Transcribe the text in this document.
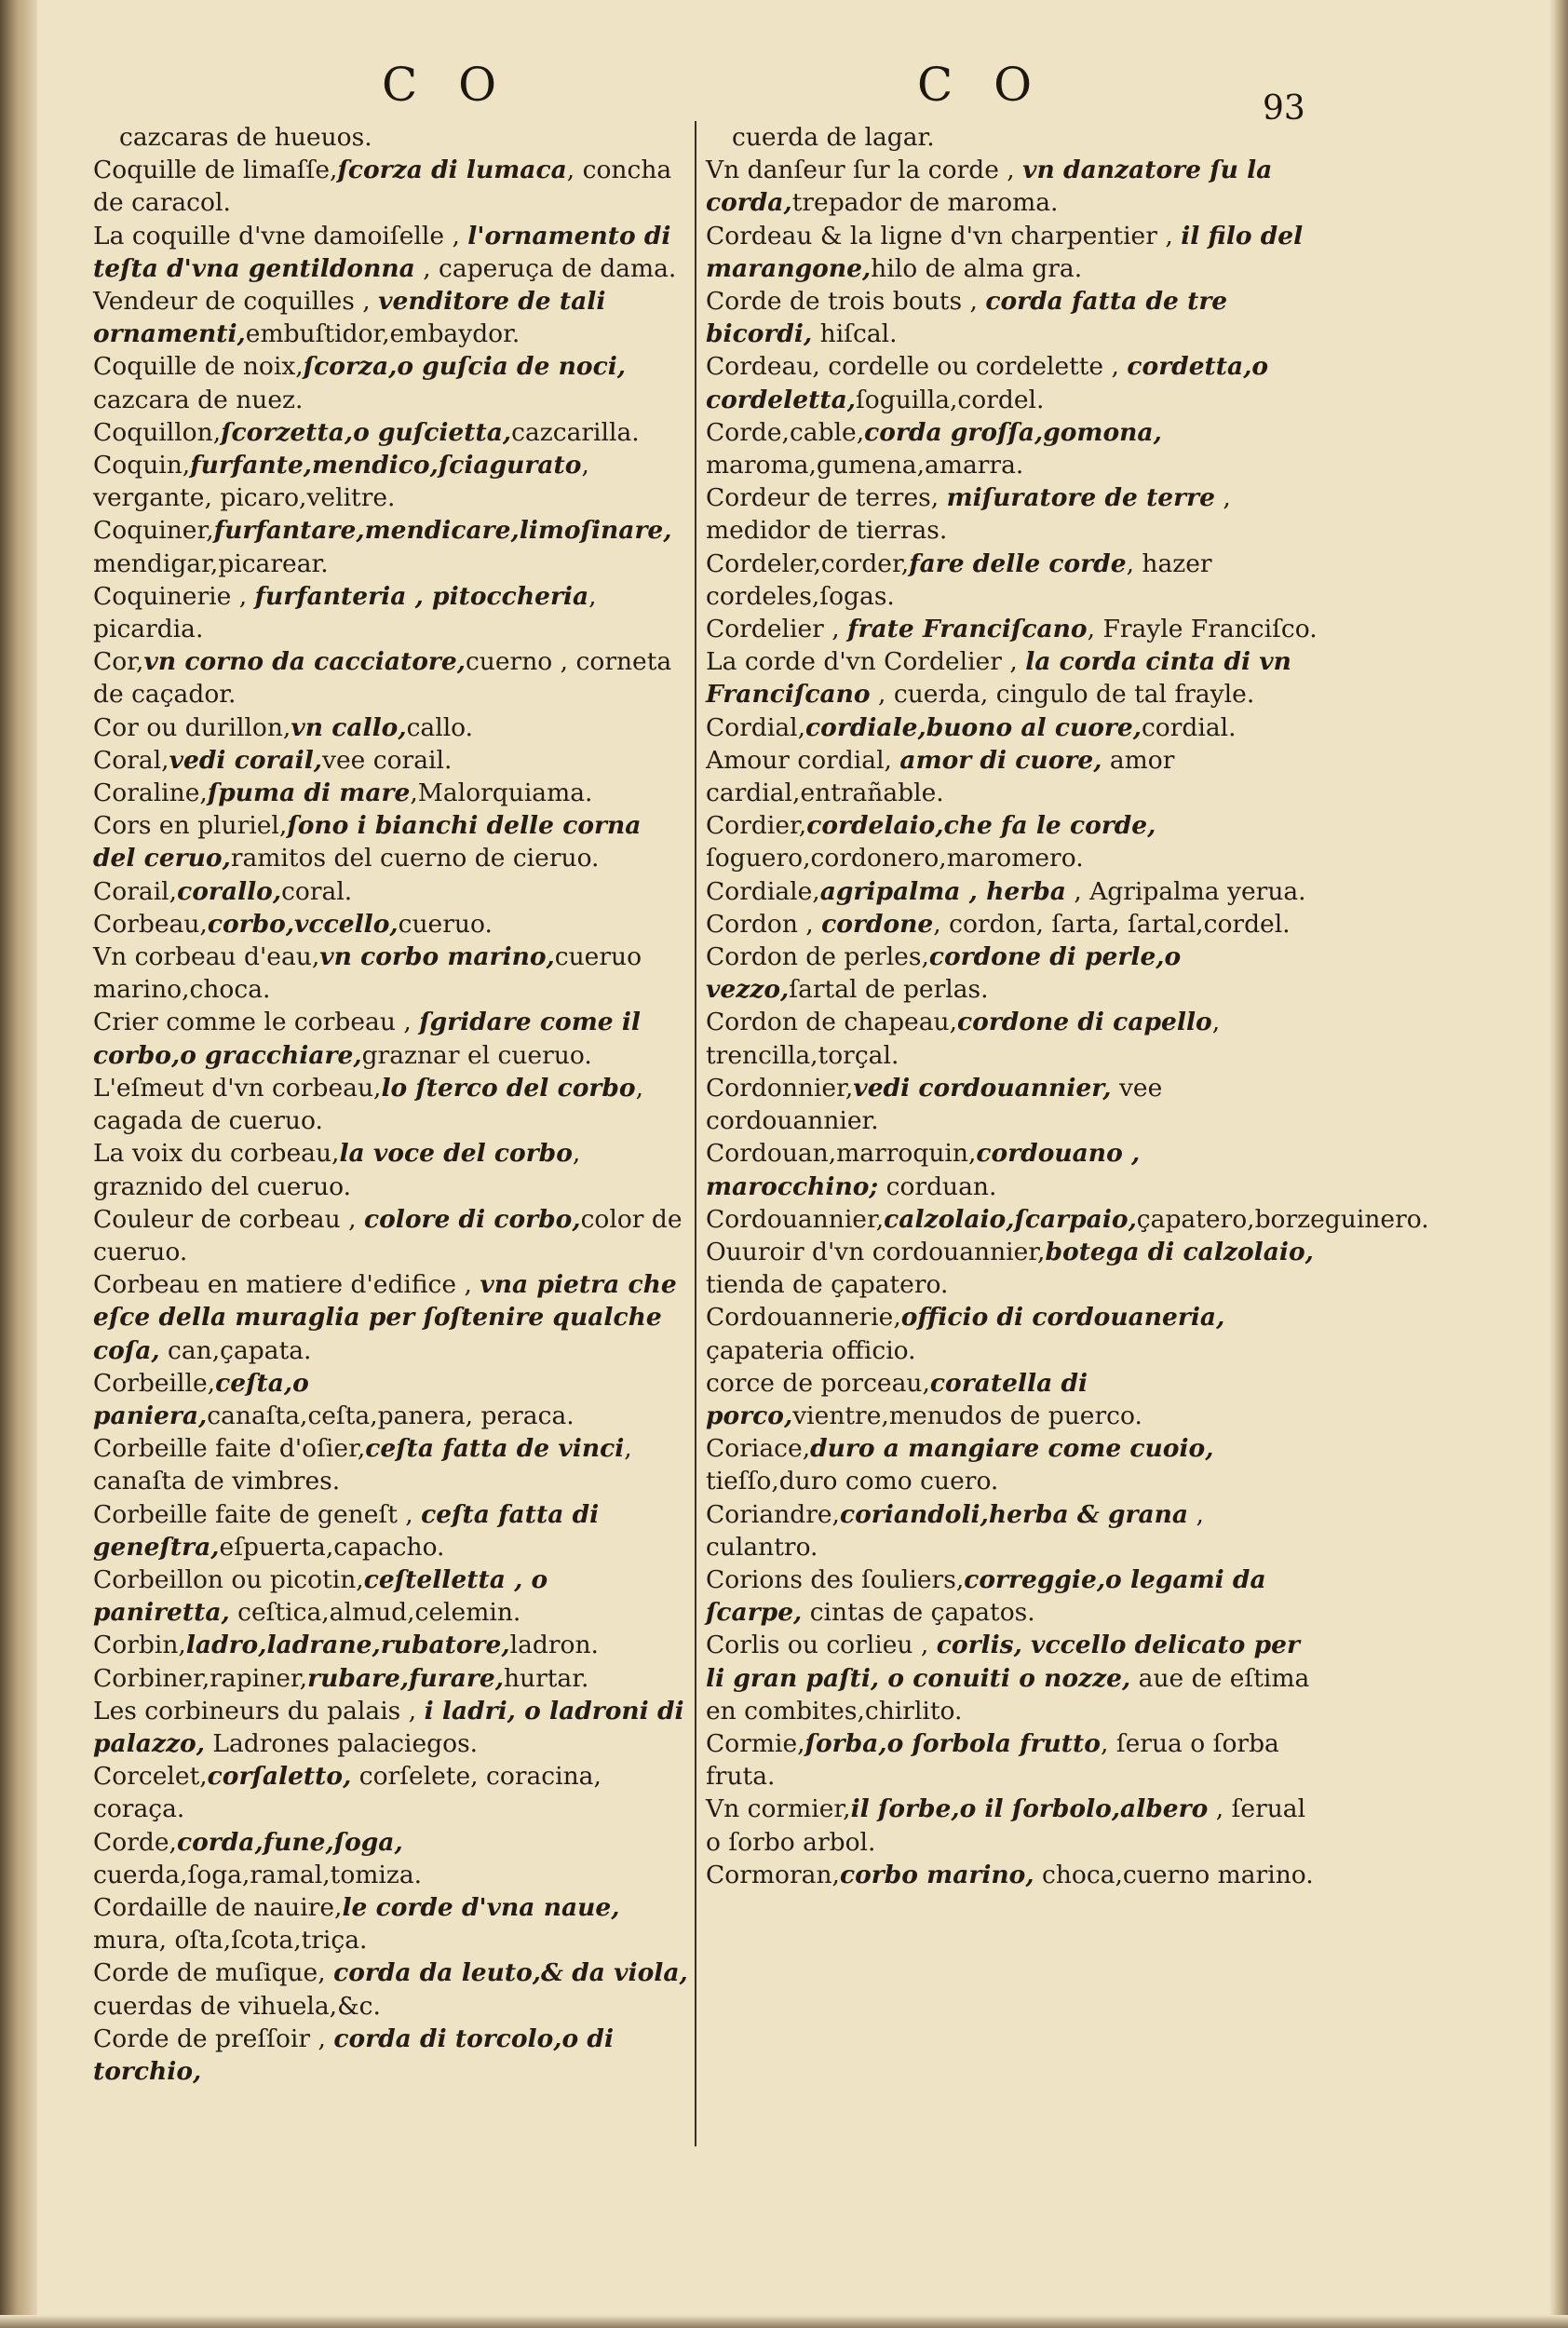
C O	C O	93

cazcaras de hueuos.

Coquille de limaſſe,ſcorza di lumaca, concha de caracol.

La coquille d'vne damoiſelle , l'ornamento di teſta d'vna gentildonna , caperuça de dama.

Vendeur de coquilles , venditore de tali ornamenti,embuſtidor,embaydor.

Coquille de noix,ſcorza,o guſcia de noci, cazcara de nuez.

Coquillon,ſcorzetta,o guſcietta,cazcarilla.

Coquin,furfante,mendico,ſciagurato, vergante, picaro,velitre.

Coquiner,furfantare,mendicare,limoſinare, mendigar,picarear.

Coquinerie , furfanteria , pitoccheria, picardia.

Cor,vn corno da cacciatore,cuerno , corneta de caçador.

Cor ou durillon,vn callo,callo.

Coral,vedi corail,vee corail.

Coraline,ſpuma di mare,Malorquiama.

Cors en pluriel,ſono i bianchi delle corna del ceruo,ramitos del cuerno de cieruo.

Corail,corallo,coral.

Corbeau,corbo,vccello,cueruo.

Vn corbeau d'eau,vn corbo marino,cueruo marino,choca.

Crier comme le corbeau , ſgridare come il corbo,o gracchiare,graznar el cueruo.

L'eſmeut d'vn corbeau,lo ſterco del corbo, cagada de cueruo.

La voix du corbeau,la voce del corbo, graznido del cueruo.

Couleur de corbeau , colore di corbo,color de cueruo.

Corbeau en matiere d'edifice , vna pietra che eſce della muraglia per ſoſtenire qualche coſa, can,çapata.

Corbeille,ceſta,o paniera,canaſta,ceſta,panera, peraca.

Corbeille faite d'oſier,ceſta fatta de vinci, canaſta de vimbres.

Corbeille faite de geneſt , ceſta fatta di geneſtra,eſpuerta,capacho.

Corbeillon ou picotin,ceſtelletta , o paniretta, ceſtica,almud,celemin.

Corbin,ladro,ladrane,rubatore,ladron.

Corbiner,rapiner,rubare,furare,hurtar.

Les corbineurs du palais , i ladri, o ladroni di palazzo, Ladrones palaciegos.

Corcelet,corſaletto, corſelete, coracina, coraça.

Corde,corda,fune,ſoga, cuerda,ſoga,ramal,tomiza.

Cordaille de nauire,le corde d'vna naue, mura, oſta,ſcota,triça.

Corde de muſique, corda da leuto,& da viola, cuerdas de vihuela,&c.

Corde de preſſoir , corda di torcolo,o di torchio,

cuerda de lagar.

Vn danſeur ſur la corde , vn danzatore ſu la corda,trepador de maroma.

Cordeau & la ligne d'vn charpentier , il filo del marangone,hilo de alma gra.

Corde de trois bouts , corda fatta de tre bicordi, hiſcal.

Cordeau, cordelle ou cordelette , cordetta,o cordeletta,ſoguilla,cordel.

Corde,cable,corda groſſa,gomona, maroma,gumena,amarra.

Cordeur de terres, miſuratore de terre , medidor de tierras.

Cordeler,corder,fare delle corde, hazer cordeles,ſogas.

Cordelier , frate Franciſcano, Frayle Franciſco.

La corde d'vn Cordelier , la corda cinta di vn Franciſcano , cuerda, cingulo de tal frayle.

Cordial,cordiale,buono al cuore,cordial.

Amour cordial, amor di cuore, amor cardial,entrañable.

Cordier,cordelaio,che fa le corde, ſoguero,cordonero,maromero.

Cordiale,agripalma , herba , Agripalma yerua.

Cordon , cordone, cordon, ſarta, ſartal,cordel.

Cordon de perles,cordone di perle,o vezzo,ſartal de perlas.

Cordon de chapeau,cordone di capello, trencilla,torçal.

Cordonnier,vedi cordouannier, vee cordouannier.

Cordouan,marroquin,cordouano , marocchino; corduan.

Cordouannier,calzolaio,ſcarpaio,çapatero,borzeguinero.

Ouuroir d'vn cordouannier,botega di calzolaio, tienda de çapatero.

Cordouannerie,officio di cordouaneria, çapateria officio.

corce de porceau,coratella di porco,vientre,menudos de puerco.

Coriace,duro a mangiare come cuoio, tieſſo,duro como cuero.

Coriandre,coriandoli,herba & grana , culantro.

Corions des ſouliers,correggie,o legami da ſcarpe, cintas de çapatos.

Corlis ou corlieu , corlis, vccello delicato per li gran paſti, o conuiti o nozze, aue de eſtima en combites,chirlito.

Cormie,ſorba,o ſorbola frutto, ſerua o ſorba fruta.

Vn cormier,il ſorbe,o il ſorbolo,albero , ſerual o ſorbo arbol.

Cormoran,corbo marino, choca,cuerno marino.
